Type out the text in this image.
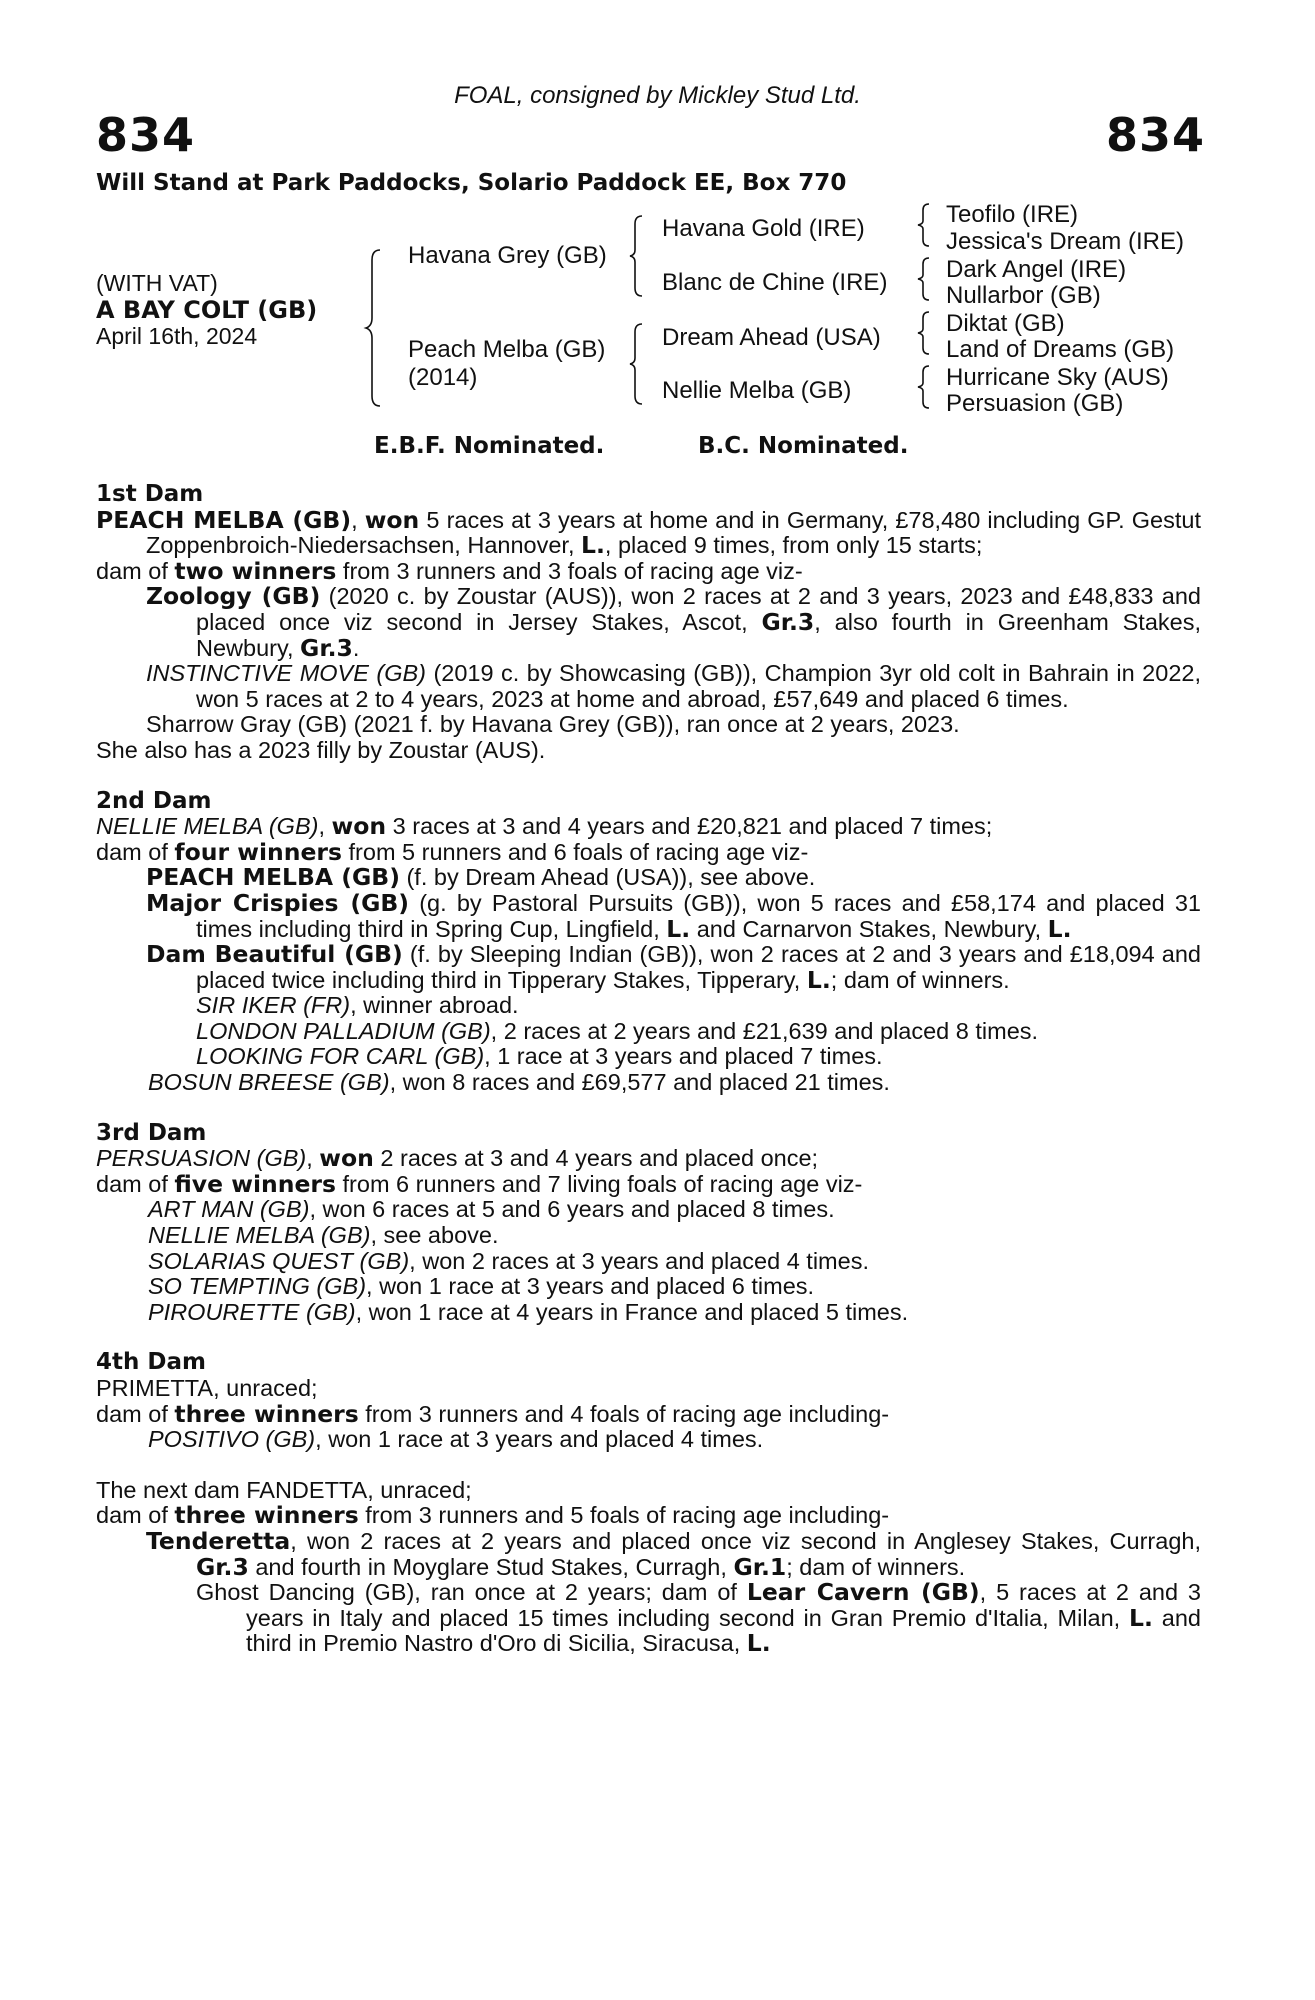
FOAL, consigned by Mickley Stud Ltd.
834	834
Will Stand at Park Paddocks, Solario Paddock EE, Box 770
(WITH VAT)
A BAY COLT (GB)
April 16th, 2024
Havana Grey (GB)
Peach Melba (GB)
(2014)
Havana Gold (IRE)
Blanc de Chine (IRE)
Dream Ahead (USA)
Nellie Melba (GB)
Teofilo (IRE)
Jessica's Dream (IRE)
Dark Angel (IRE)
Nullarbor (GB)
Diktat (GB)
Land of Dreams (GB)
Hurricane Sky (AUS)
Persuasion (GB)
E.B.F. Nominated.	B.C. Nominated.
1st Dam
PEACH MELBA (GB), won 5 races at 3 years at home and in Germany, £78,480 including GP. Gestut Zoppenbroich-Niedersachsen, Hannover, L., placed 9 times, from only 15 starts;
dam of two winners from 3 runners and 3 foals of racing age viz-
Zoology (GB) (2020 c. by Zoustar (AUS)), won 2 races at 2 and 3 years, 2023 and £48,833 and placed once viz second in Jersey Stakes, Ascot, Gr.3, also fourth in Greenham Stakes, Newbury, Gr.3.
INSTINCTIVE MOVE (GB) (2019 c. by Showcasing (GB)), Champion 3yr old colt in Bahrain in 2022, won 5 races at 2 to 4 years, 2023 at home and abroad, £57,649 and placed 6 times.
Sharrow Gray (GB) (2021 f. by Havana Grey (GB)), ran once at 2 years, 2023.
She also has a 2023 filly by Zoustar (AUS).
2nd Dam
NELLIE MELBA (GB), won 3 races at 3 and 4 years and £20,821 and placed 7 times;
dam of four winners from 5 runners and 6 foals of racing age viz-
PEACH MELBA (GB) (f. by Dream Ahead (USA)), see above.
Major Crispies (GB) (g. by Pastoral Pursuits (GB)), won 5 races and £58,174 and placed 31 times including third in Spring Cup, Lingfield, L. and Carnarvon Stakes, Newbury, L.
Dam Beautiful (GB) (f. by Sleeping Indian (GB)), won 2 races at 2 and 3 years and £18,094 and placed twice including third in Tipperary Stakes, Tipperary, L.; dam of winners.
SIR IKER (FR), winner abroad.
LONDON PALLADIUM (GB), 2 races at 2 years and £21,639 and placed 8 times.
LOOKING FOR CARL (GB), 1 race at 3 years and placed 7 times.
BOSUN BREESE (GB), won 8 races and £69,577 and placed 21 times.
3rd Dam
PERSUASION (GB), won 2 races at 3 and 4 years and placed once;
dam of five winners from 6 runners and 7 living foals of racing age viz-
ART MAN (GB), won 6 races at 5 and 6 years and placed 8 times.
NELLIE MELBA (GB), see above.
SOLARIAS QUEST (GB), won 2 races at 3 years and placed 4 times.
SO TEMPTING (GB), won 1 race at 3 years and placed 6 times.
PIROURETTE (GB), won 1 race at 4 years in France and placed 5 times.
4th Dam
PRIMETTA, unraced;
dam of three winners from 3 runners and 4 foals of racing age including-
POSITIVO (GB), won 1 race at 3 years and placed 4 times.
The next dam FANDETTA, unraced;
dam of three winners from 3 runners and 5 foals of racing age including-
Tenderetta, won 2 races at 2 years and placed once viz second in Anglesey Stakes, Curragh, Gr.3 and fourth in Moyglare Stud Stakes, Curragh, Gr.1; dam of winners.
Ghost Dancing (GB), ran once at 2 years; dam of Lear Cavern (GB), 5 races at 2 and 3 years in Italy and placed 15 times including second in Gran Premio d'Italia, Milan, L. and third in Premio Nastro d'Oro di Sicilia, Siracusa, L.
